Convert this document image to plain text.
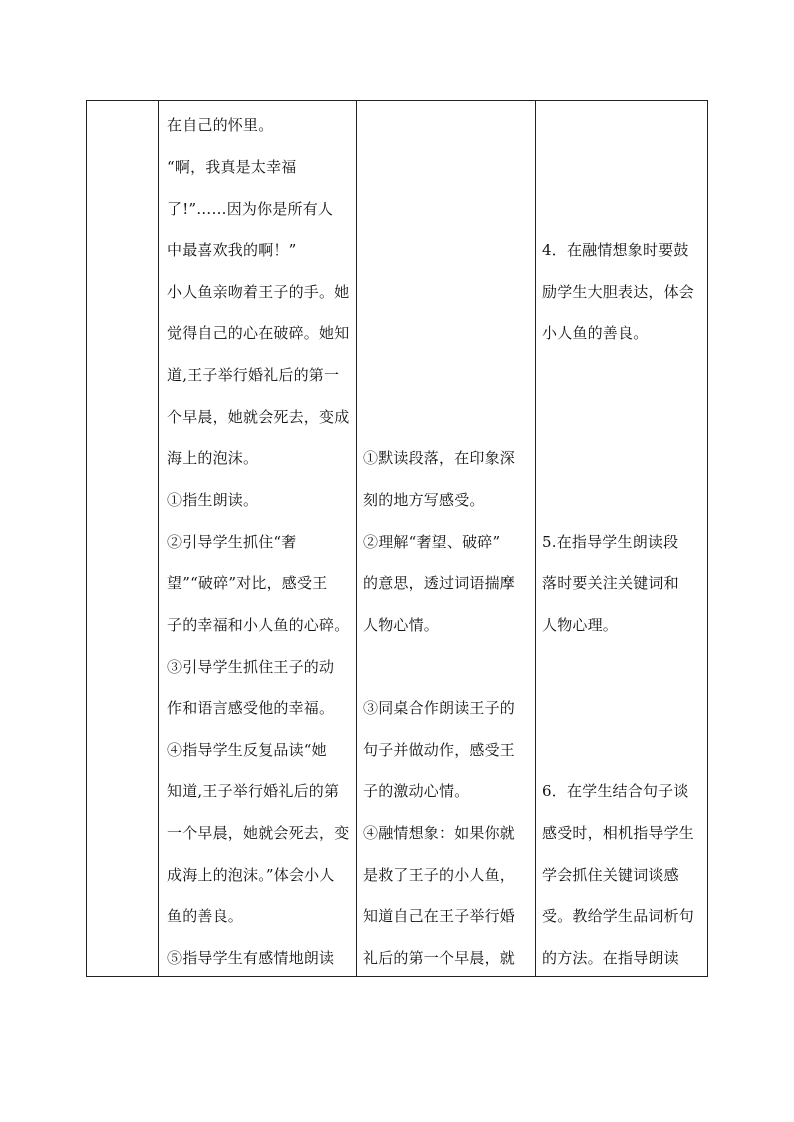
在自己的怀里。
“啊，我真是太幸福
了!”……因为你是所有人
中最喜欢我的啊！”
小人鱼亲吻着王子的手。她
觉得自己的心在破碎。她知
道,王子举行婚礼后的第一
个早晨，她就会死去，变成
海上的泡沫。
①指生朗读。
②引导学生抓住“奢
望”“破碎”对比，感受王
子的幸福和小人鱼的心碎。
③引导学生抓住王子的动
作和语言感受他的幸福。
④指导学生反复品读“她
知道,王子举行婚礼后的第
一个早晨，她就会死去，变
成海上的泡沫。”体会小人
鱼的善良。
⑤指导学生有感情地朗读
①默读段落，在印象深
刻的地方写感受。
②理解“奢望、破碎”
的意思，透过词语揣摩
人物心情。
③同桌合作朗读王子的
句子并做动作，感受王
子的激动心情。
④融情想象：如果你就
是救了王子的小人鱼，
知道自己在王子举行婚
礼后的第一个早晨，就
4．在融情想象时要鼓
励学生大胆表达，体会
小人鱼的善良。
5.在指导学生朗读段
落时要关注关键词和
人物心理。
6．在学生结合句子谈
感受时，相机指导学生
学会抓住关键词谈感
受。教给学生品词析句
的方法。在指导朗读
